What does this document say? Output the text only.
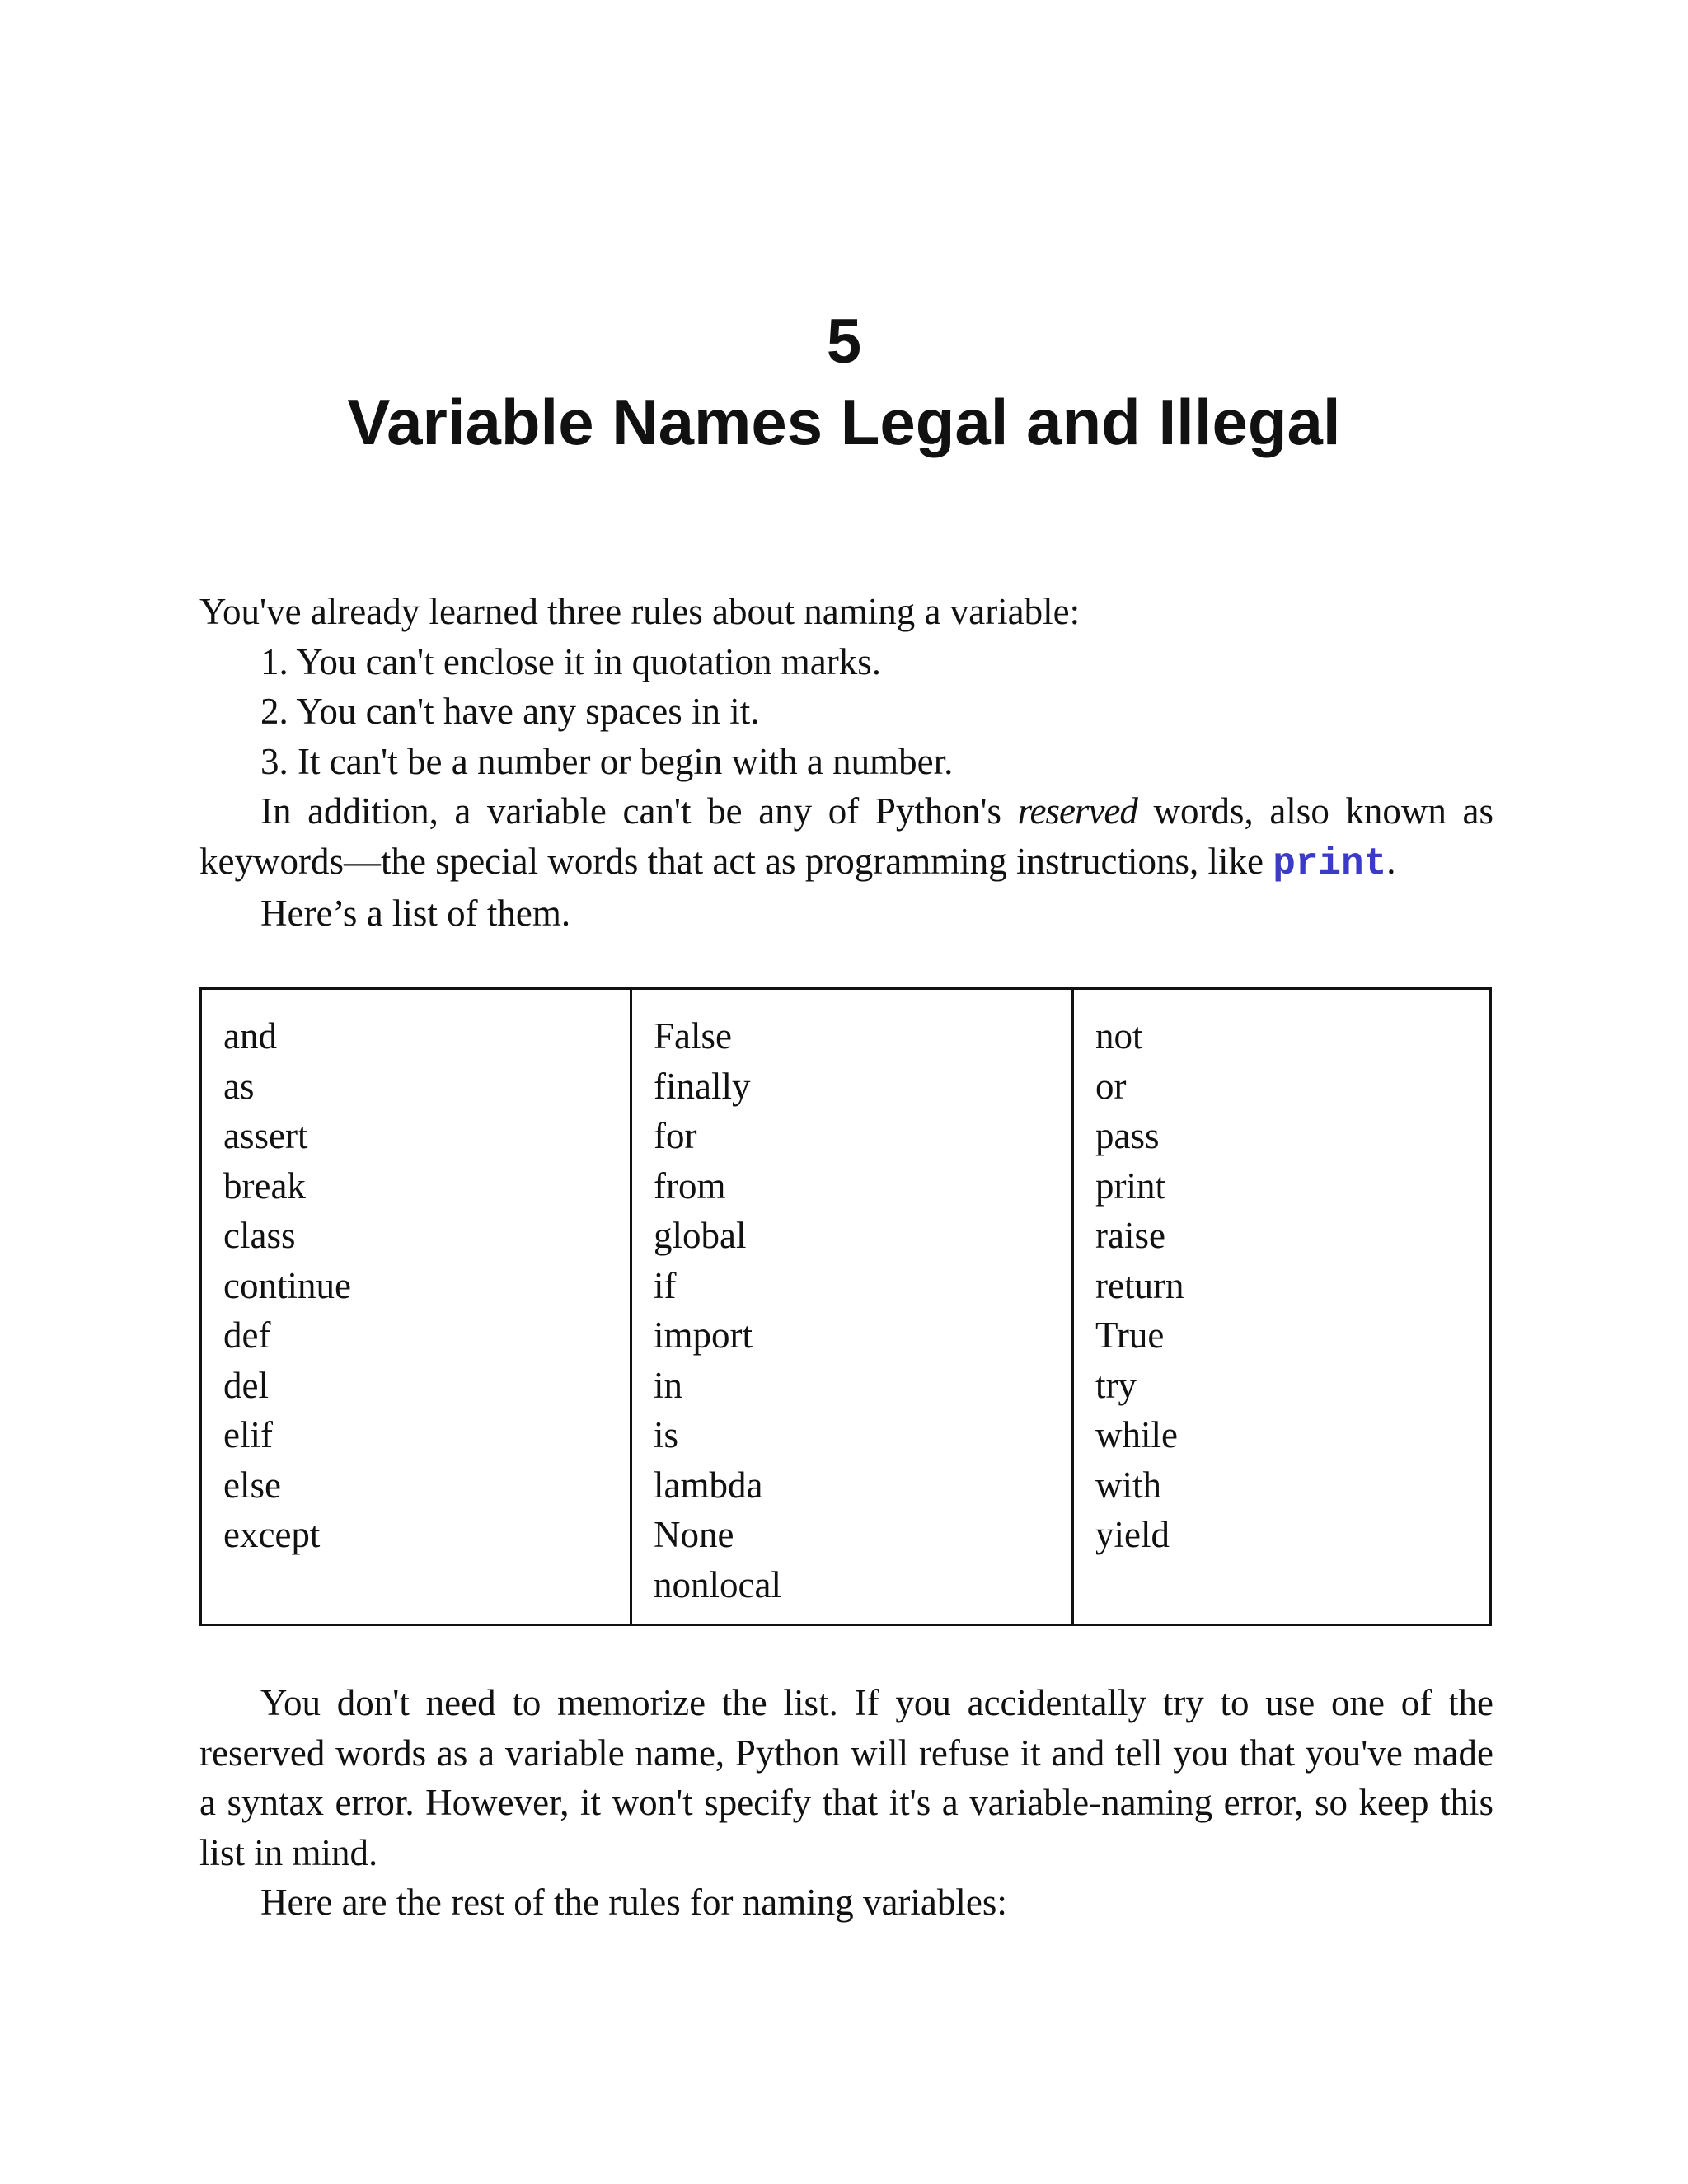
5
Variable Names Legal and Illegal

You've already learned three rules about naming a variable:

1. You can't enclose it in quotation marks.

2. You can't have any spaces in it.

3. It can't be a number or begin with a number.

In addition, a variable can't be any of Python's reserved words, also known as keywords—the special words that act as programming instructions, like print.

Here’s a list of them.

and
as
assert
break
class
continue
def
del
elif
else
except

False
finally
for
from
global
if
import
in
is
lambda
None
nonlocal

not
or
pass
print
raise
return
True
try
while
with
yield

You don't need to memorize the list. If you accidentally try to use one of the reserved words as a variable name, Python will refuse it and tell you that you've made a syntax error. However, it won't specify that it's a variable-naming error, so keep this list in mind.

Here are the rest of the rules for naming variables:
